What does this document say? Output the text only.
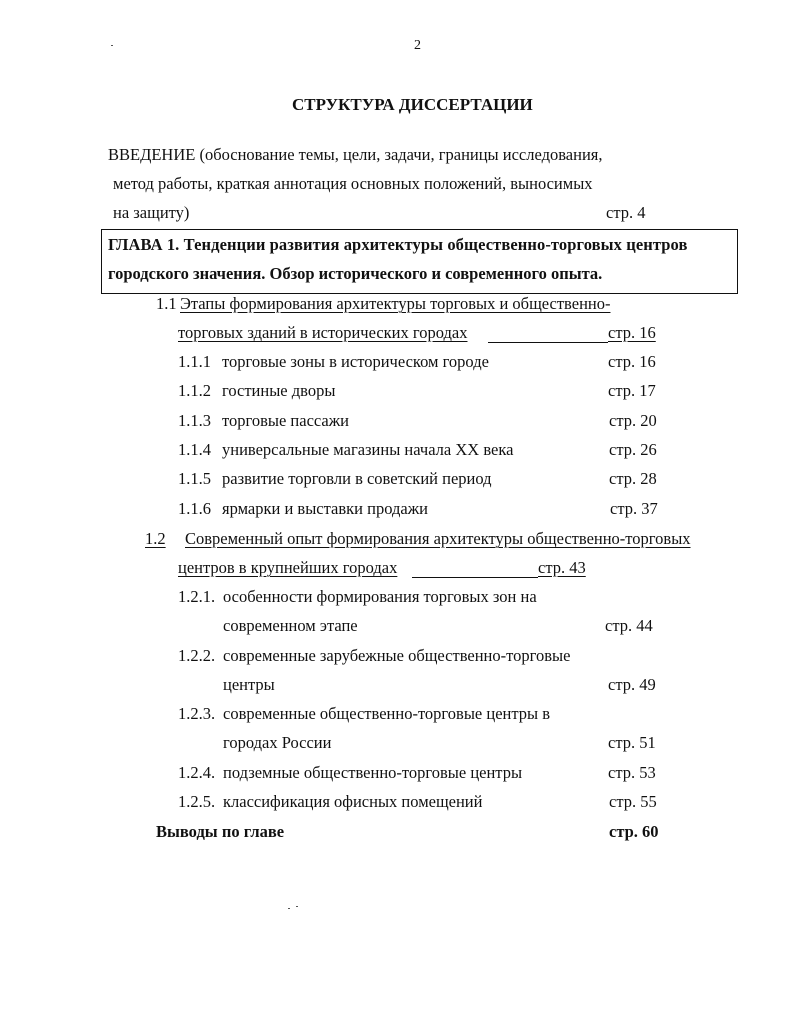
2
СТРУКТУРА ДИССЕРТАЦИИ
ВВЕДЕНИЕ (обоснование темы, цели, задачи, границы исследования,
метод работы, краткая аннотация основных положений, выносимых
на защиту)	стр. 4
ГЛАВА 1. Тенденции развития архитектуры общественно-торговых центров
городского значения. Обзор исторического и современного опыта.
1.1 Этапы формирования архитектуры торговых и общественно-
торговых зданий в исторических городах	стр. 16
1.1.1 торговые зоны в историческом городе	стр. 16
1.1.2 гостиные дворы	стр. 17
1.1.3 торговые пассажи	стр. 20
1.1.4 универсальные магазины начала XX века	стр. 26
1.1.5 развитие торговли в советский период	стр. 28
1.1.6 ярмарки и выставки продажи	стр. 37
1.2 Современный опыт формирования архитектуры общественно-торговых
центров в крупнейших городах	стр. 43
1.2.1. особенности формирования торговых зон на
современном этапе	стр. 44
1.2.2. современные зарубежные общественно-торговые
центры	стр. 49
1.2.3. современные общественно-торговые центры в
городах России	стр. 51
1.2.4. подземные общественно-торговые центры	стр. 53
1.2.5. классификация офисных помещений	стр. 55
Выводы по главе	стр. 60
